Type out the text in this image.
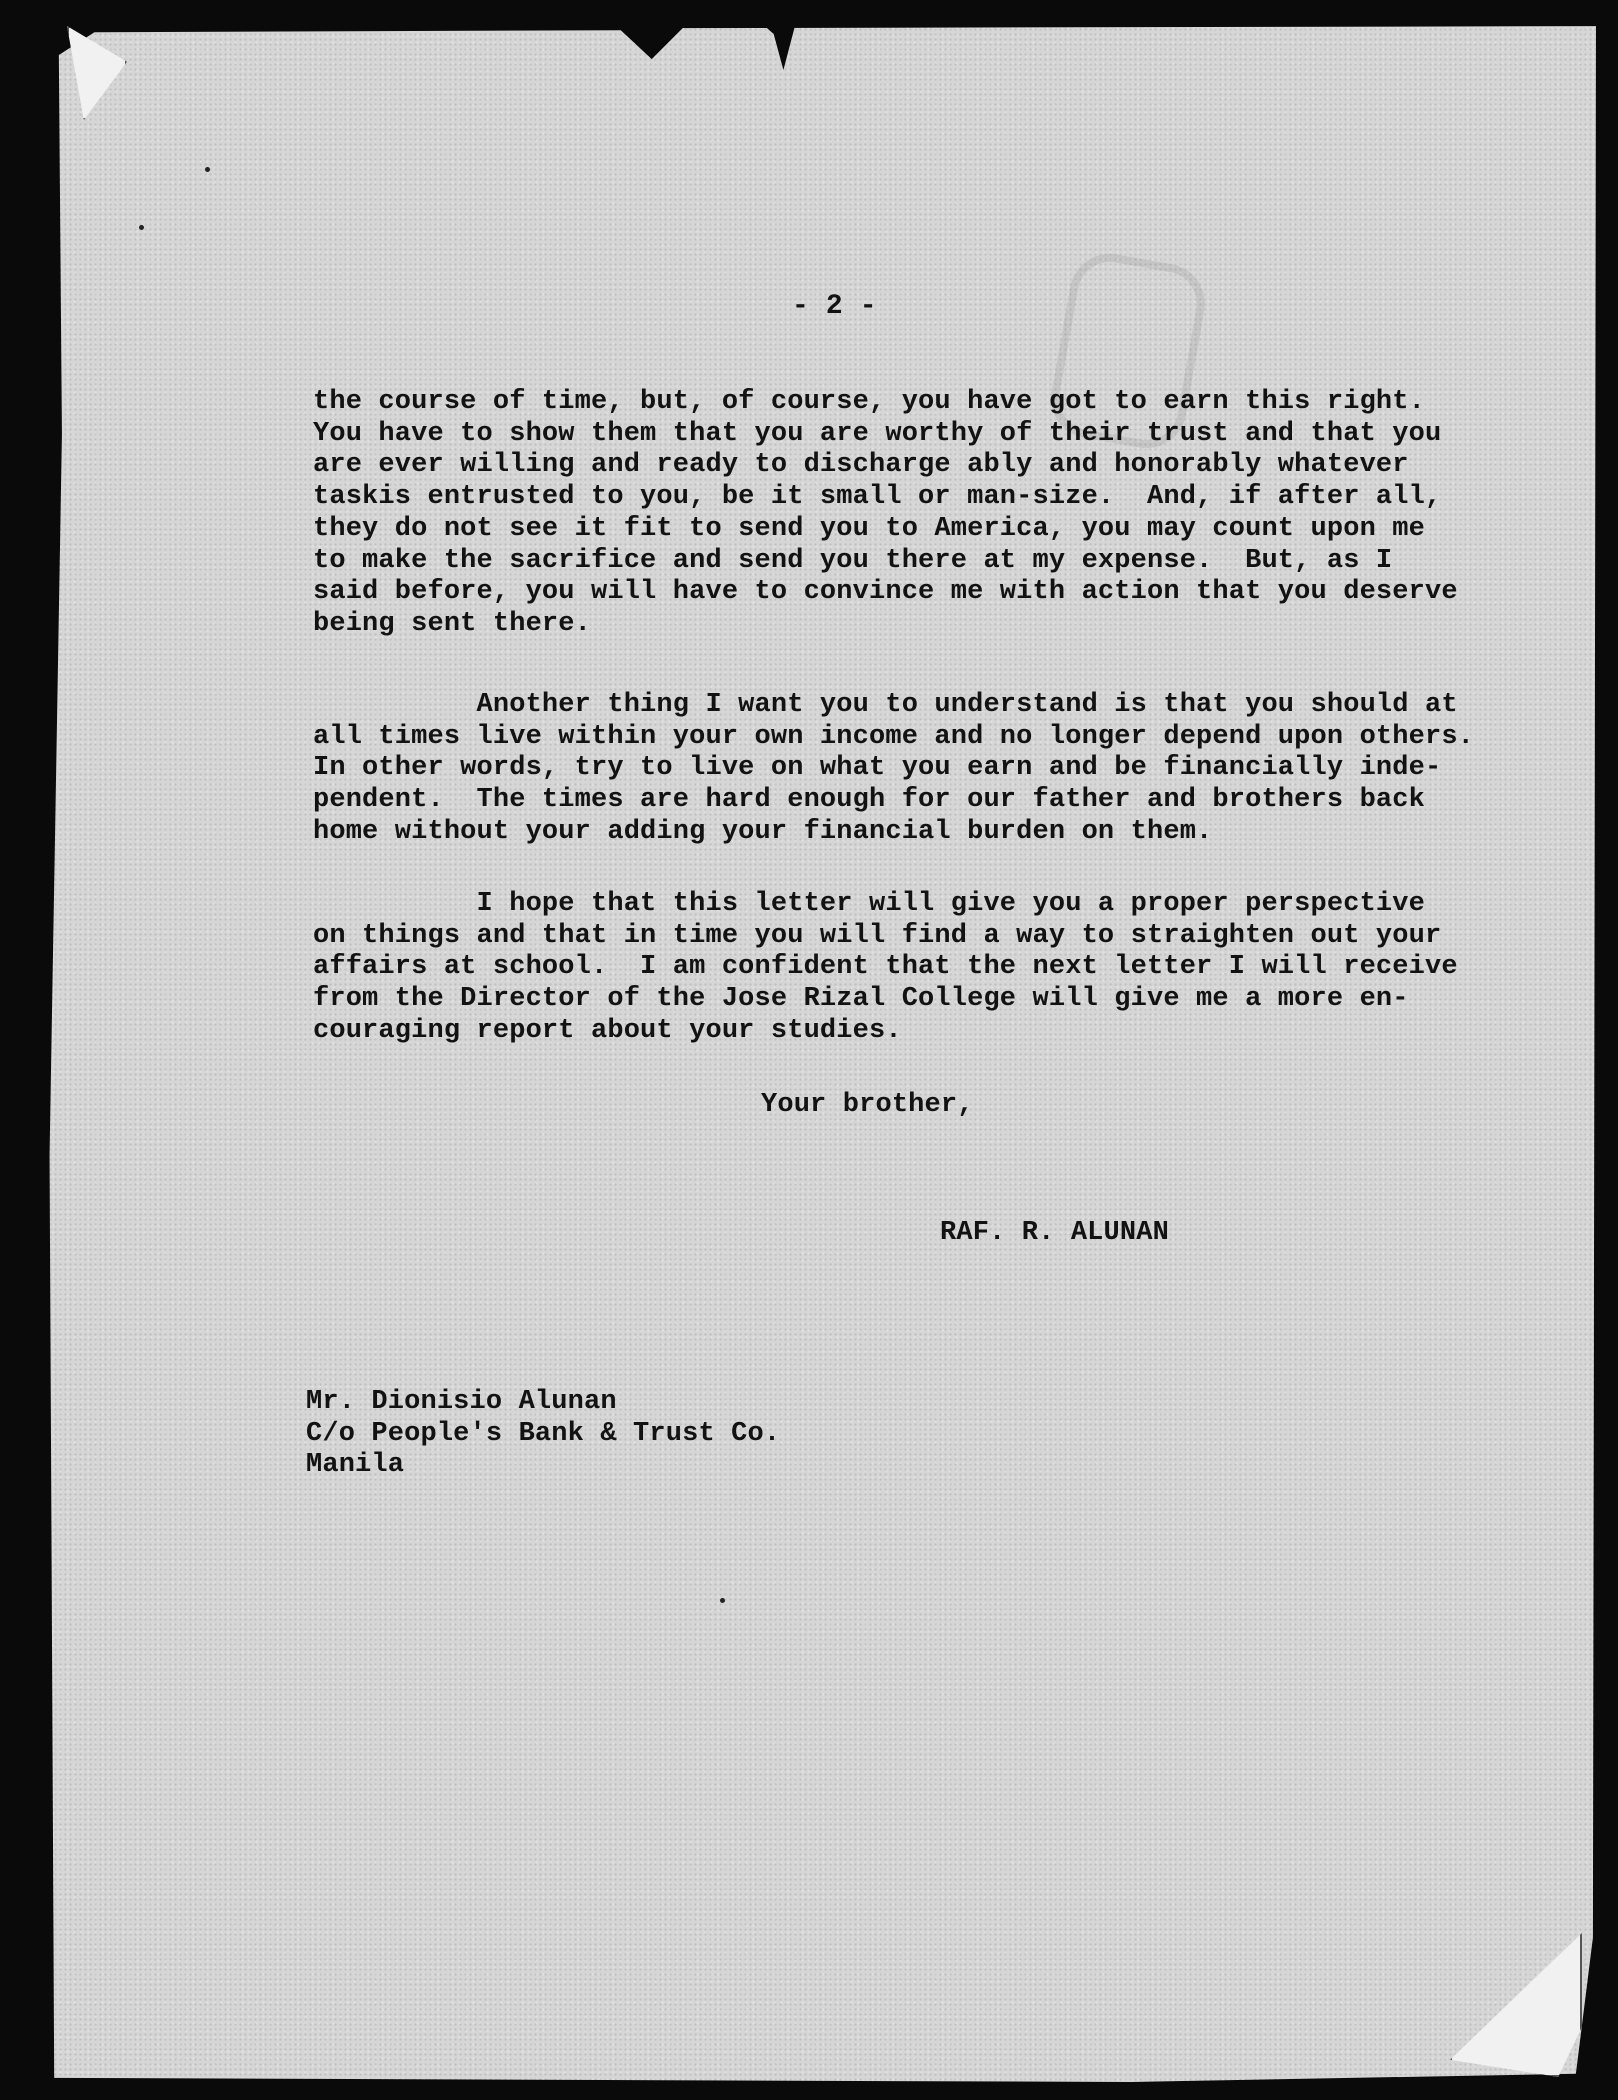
- 2 -
the course of time, but, of course, you have got to earn this right.
You have to show them that you are worthy of their trust and that you
are ever willing and ready to discharge ably and honorably whatever
taskis entrusted to you, be it small or man-size.  And, if after all,
they do not see it fit to send you to America, you may count upon me
to make the sacrifice and send you there at my expense.  But, as I
said before, you will have to convince me with action that you deserve
being sent there.
Another thing I want you to understand is that you should at
all times live within your own income and no longer depend upon others.
In other words, try to live on what you earn and be financially inde-
pendent.  The times are hard enough for our father and brothers back
home without your adding your financial burden on them.
I hope that this letter will give you a proper perspective
on things and that in time you will find a way to straighten out your
affairs at school.  I am confident that the next letter I will receive
from the Director of the Jose Rizal College will give me a more en-
couraging report about your studies.
Your brother,
RAF. R. ALUNAN
Mr. Dionisio Alunan
C/o People's Bank & Trust Co.
Manila
